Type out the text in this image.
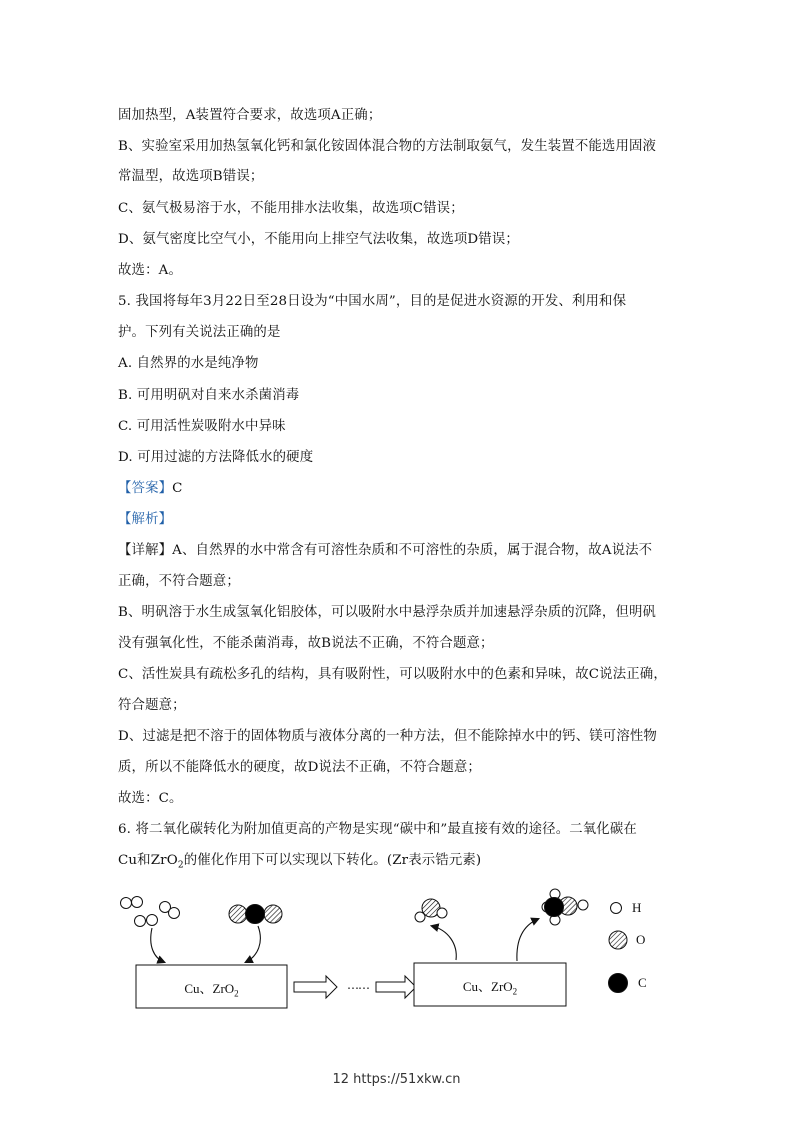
固加热型，A装置符合要求，故选项A正确；
B、实验室采用加热氢氧化钙和氯化铵固体混合物的方法制取氨气，发生装置不能选用固液
常温型，故选项B错误；
C、氨气极易溶于水，不能用排水法收集，故选项C错误；
D、氨气密度比空气小，不能用向上排空气法收集，故选项D错误；
故选：A。
5. 我国将每年3月22日至28日设为“中国水周”，目的是促进水资源的开发、利用和保
护。下列有关说法正确的是
A. 自然界的水是纯净物
B. 可用明矾对自来水杀菌消毒
C. 可用活性炭吸附水中异味
D. 可用过滤的方法降低水的硬度
【答案】C
【解析】
【详解】A、自然界的水中常含有可溶性杂质和不可溶性的杂质，属于混合物，故A说法不
正确，不符合题意；
B、明矾溶于水生成氢氧化铝胶体，可以吸附水中悬浮杂质并加速悬浮杂质的沉降，但明矾
没有强氧化性，不能杀菌消毒，故B说法不正确，不符合题意；
C、活性炭具有疏松多孔的结构，具有吸附性，可以吸附水中的色素和异味，故C说法正确，
符合题意；
D、过滤是把不溶于的固体物质与液体分离的一种方法，但不能除掉水中的钙、镁可溶性物
质，所以不能降低水的硬度，故D说法不正确，不符合题意；
故选：C。
6. 将二氧化碳转化为附加值更高的产物是实现“碳中和”最直接有效的途径。二氧化碳在
Cu和ZrO$_2$的催化作用下可以实现以下转化。(Zr表示锆元素)
Cu、ZrO$_2$	Cu、ZrO$_2$
……
H
O
C
12 https://51xkw.cn
